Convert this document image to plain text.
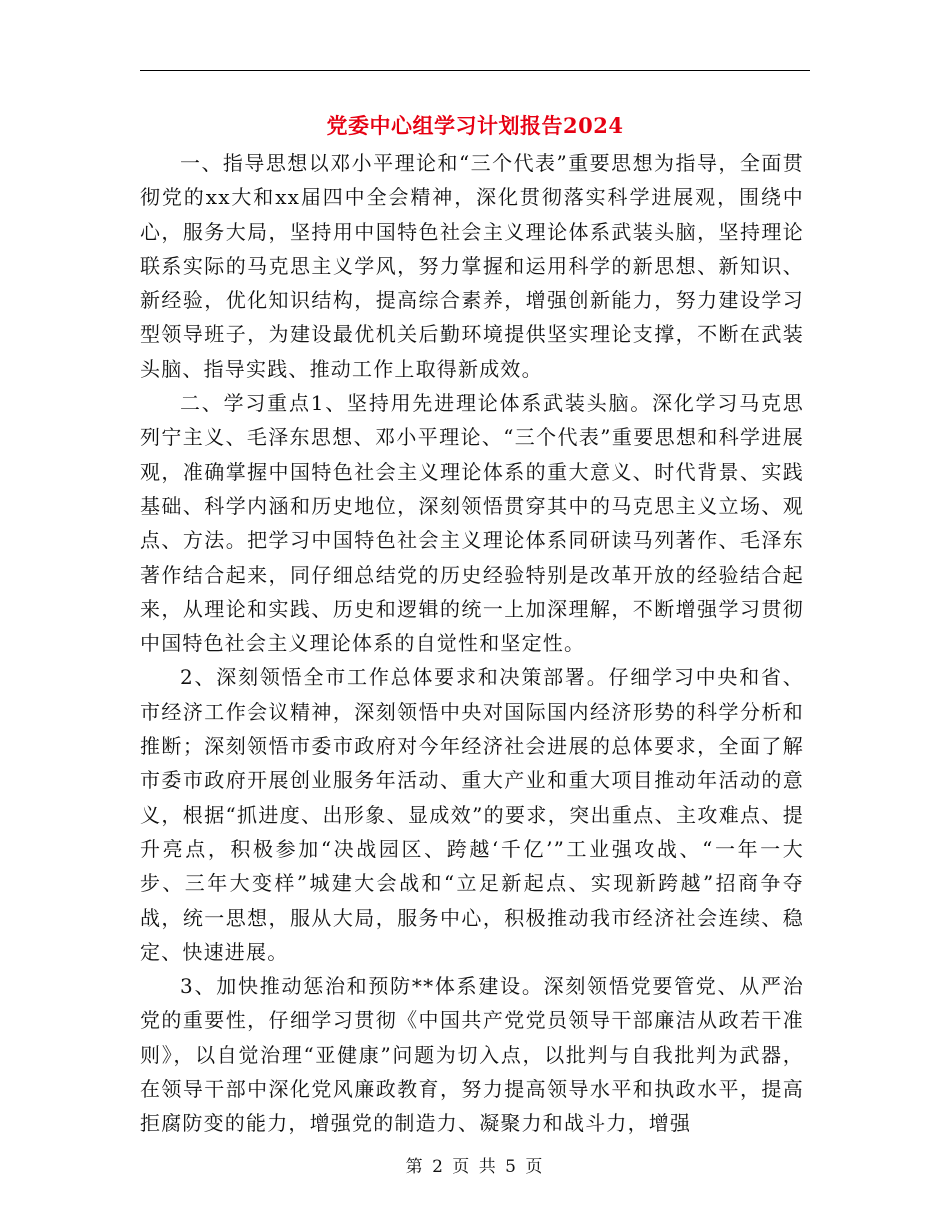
党委中心组学习计划报告2024

一、指导思想以邓小平理论和“三个代表”重要思想为指导，全面贯彻党的xx大和xx届四中全会精神，深化贯彻落实科学进展观，围绕中心，服务大局，坚持用中国特色社会主义理论体系武装头脑，坚持理论联系实际的马克思主义学风，努力掌握和运用科学的新思想、新知识、新经验，优化知识结构，提高综合素养，增强创新能力，努力建设学习型领导班子，为建设最优机关后勤环境提供坚实理论支撑，不断在武装头脑、指导实践、推动工作上取得新成效。

二、学习重点1、坚持用先进理论体系武装头脑。深化学习马克思列宁主义、毛泽东思想、邓小平理论、“三个代表”重要思想和科学进展观，准确掌握中国特色社会主义理论体系的重大意义、时代背景、实践基础、科学内涵和历史地位，深刻领悟贯穿其中的马克思主义立场、观点、方法。把学习中国特色社会主义理论体系同研读马列著作、毛泽东著作结合起来，同仔细总结党的历史经验特别是改革开放的经验结合起来，从理论和实践、历史和逻辑的统一上加深理解，不断增强学习贯彻中国特色社会主义理论体系的自觉性和坚定性。

2、深刻领悟全市工作总体要求和决策部署。仔细学习中央和省、市经济工作会议精神，深刻领悟中央对国际国内经济形势的科学分析和推断；深刻领悟市委市政府对今年经济社会进展的总体要求，全面了解市委市政府开展创业服务年活动、重大产业和重大项目推动年活动的意义，根据“抓进度、出形象、显成效”的要求，突出重点、主攻难点、提升亮点，积极参加“决战园区、跨越‘千亿’”工业强攻战、“一年一大步、三年大变样”城建大会战和“立足新起点、实现新跨越”招商争夺战，统一思想，服从大局，服务中心，积极推动我市经济社会连续、稳定、快速进展。

3、加快推动惩治和预防**体系建设。深刻领悟党要管党、从严治党的重要性，仔细学习贯彻《中国共产党党员领导干部廉洁从政若干准则》，以自觉治理“亚健康”问题为切入点，以批判与自我批判为武器，在领导干部中深化党风廉政教育，努力提高领导水平和执政水平，提高拒腐防变的能力，增强党的制造力、凝聚力和战斗力，增强

第 2 页 共 5 页
